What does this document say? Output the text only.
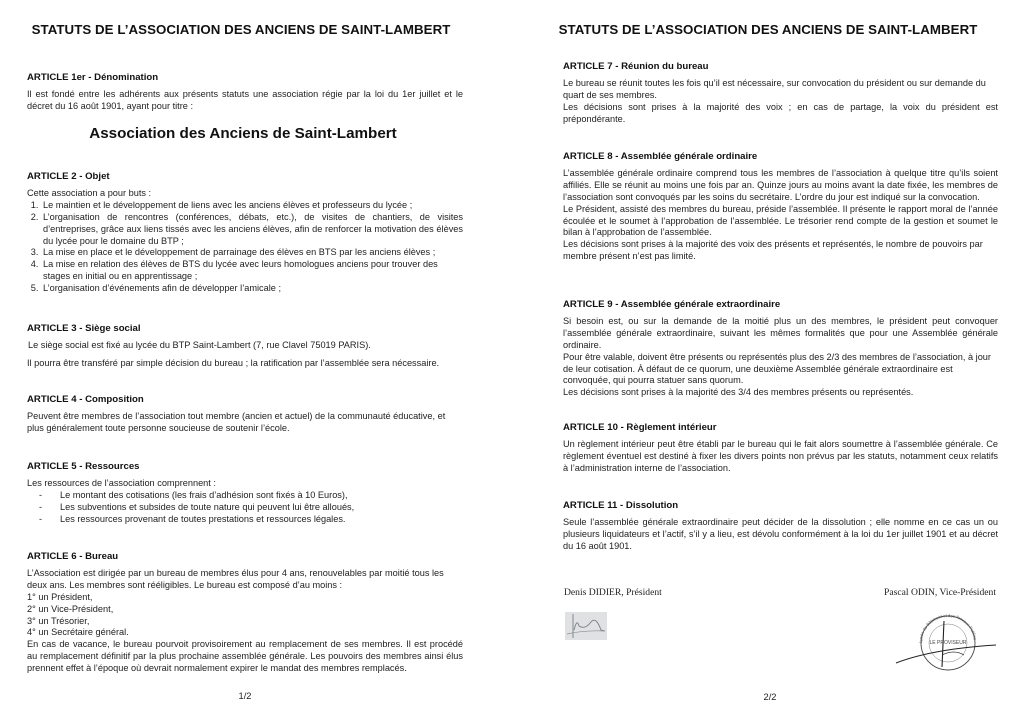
STATUTS DE L’ASSOCIATION DES ANCIENS DE SAINT-LAMBERT
ARTICLE 1er - Dénomination

Il est fondé entre les adhérents aux présents statuts une association régie par la loi du 1er juillet et le décret du 16 août 1901, ayant pour titre :

Association des Anciens de Saint-Lambert
ARTICLE 2 - Objet

Cette association a pour buts :

1. Le maintien et le développement de liens avec les anciens élèves et professeurs du lycée ;
2. L’organisation de rencontres (conférences, débats, etc.), de visites de chantiers, de visites d’entreprises, grâce aux liens tissés avec les anciens élèves, afin de renforcer la motivation des élèves du lycée pour le domaine du BTP ;
3. La mise en place et le développement de parrainage des élèves en BTS par les anciens élèves ;
4. La mise en relation des élèves de BTS du lycée avec leurs homologues anciens pour trouver des stages en initial ou en apprentissage ;
5. L’organisation d’événements afin de développer l’amicale ;
ARTICLE 3 - Siège social

Le siège social est fixé au lycée du BTP Saint-Lambert (7, rue Clavel 75019 PARIS).

Il pourra être transféré par simple décision du bureau ; la ratification par l’assemblée sera nécessaire.

ARTICLE 4 - Composition

Peuvent être membres de l’association tout membre (ancien et actuel) de la communauté éducative, et plus généralement toute personne soucieuse de soutenir l’école.

ARTICLE 5 - Ressources

Les ressources de l’association comprennent :

- Le montant des cotisations (les frais d’adhésion sont fixés à 10 Euros),
- Les subventions et subsides de toute nature qui peuvent lui être alloués,
- Les ressources provenant de toutes prestations et ressources légales.
ARTICLE 6 - Bureau

L’Association est dirigée par un bureau de membres élus pour 4 ans, renouvelables par moitié tous les deux ans. Les membres sont rééligibles. Le bureau est composé d’au moins :

1° un Président,

2° un Vice-Président,

3° un Trésorier,

4° un Secrétaire général.

En cas de vacance, le bureau pourvoit provisoirement au remplacement de ses membres. Il est procédé au remplacement définitif par la plus prochaine assemblée générale. Les pouvoirs des membres ainsi élus prennent effet à l’époque où devrait normalement expirer le mandat des membres remplacés.

1/2
STATUTS DE L’ASSOCIATION DES ANCIENS DE SAINT-LAMBERT
ARTICLE 7 - Réunion du bureau

Le bureau se réunit toutes les fois qu’il est nécessaire, sur convocation du président ou sur demande du quart de ses membres.

Les décisions sont prises à la majorité des voix ; en cas de partage, la voix du président est prépondérante.

ARTICLE 8 - Assemblée générale ordinaire

L’assemblée générale ordinaire comprend tous les membres de l’association à quelque titre qu’ils soient affiliés. Elle se réunit au moins une fois par an. Quinze jours au moins avant la date fixée, les membres de l’association sont convoqués par les soins du secrétaire. L’ordre du jour est indiqué sur la convocation.

Le Président, assisté des membres du bureau, préside l’assemblée. Il présente le rapport moral de l’année écoulée et le soumet à l’approbation de l’assemblée. Le trésorier rend compte de la gestion et soumet le bilan à l’approbation de l’assemblée.

Les décisions sont prises à la majorité des voix des présents et représentés, le nombre de pouvoirs par membre présent n’est pas limité.

ARTICLE 9 - Assemblée générale extraordinaire

Si besoin est, ou sur la demande de la moitié plus un des membres, le président peut convoquer l’assemblée générale extraordinaire, suivant les mêmes formalités que pour une Assemblée générale ordinaire.

Pour être valable, doivent être présents ou représentés plus des 2/3 des membres de l’association, à jour de leur cotisation. À défaut de ce quorum, une deuxième Assemblée générale extraordinaire est convoquée, qui pourra statuer sans quorum.

Les décisions sont prises à la majorité des 3/4 des membres présents ou représentés.

ARTICLE 10 - Règlement intérieur

Un règlement intérieur peut être établi par le bureau qui le fait alors soumettre à l’assemblée générale. Ce règlement éventuel est destiné à fixer les divers points non prévus par les statuts, notamment ceux relatifs à l’administration interne de l’association.

ARTICLE 11 - Dissolution

Seule l’assemblée générale extraordinaire peut décider de la dissolution ; elle nomme en ce cas un ou plusieurs liquidateurs et l’actif, s’il y a lieu, est dévolu conformément à la loi du 1er juillet 1901 et au décret du 16 août 1901.

Denis DIDIER, Président	Pascal ODIN, Vice-Président
Lycée du Bâtiment et des Travaux Publics
LE PROVISEUR
2/2
